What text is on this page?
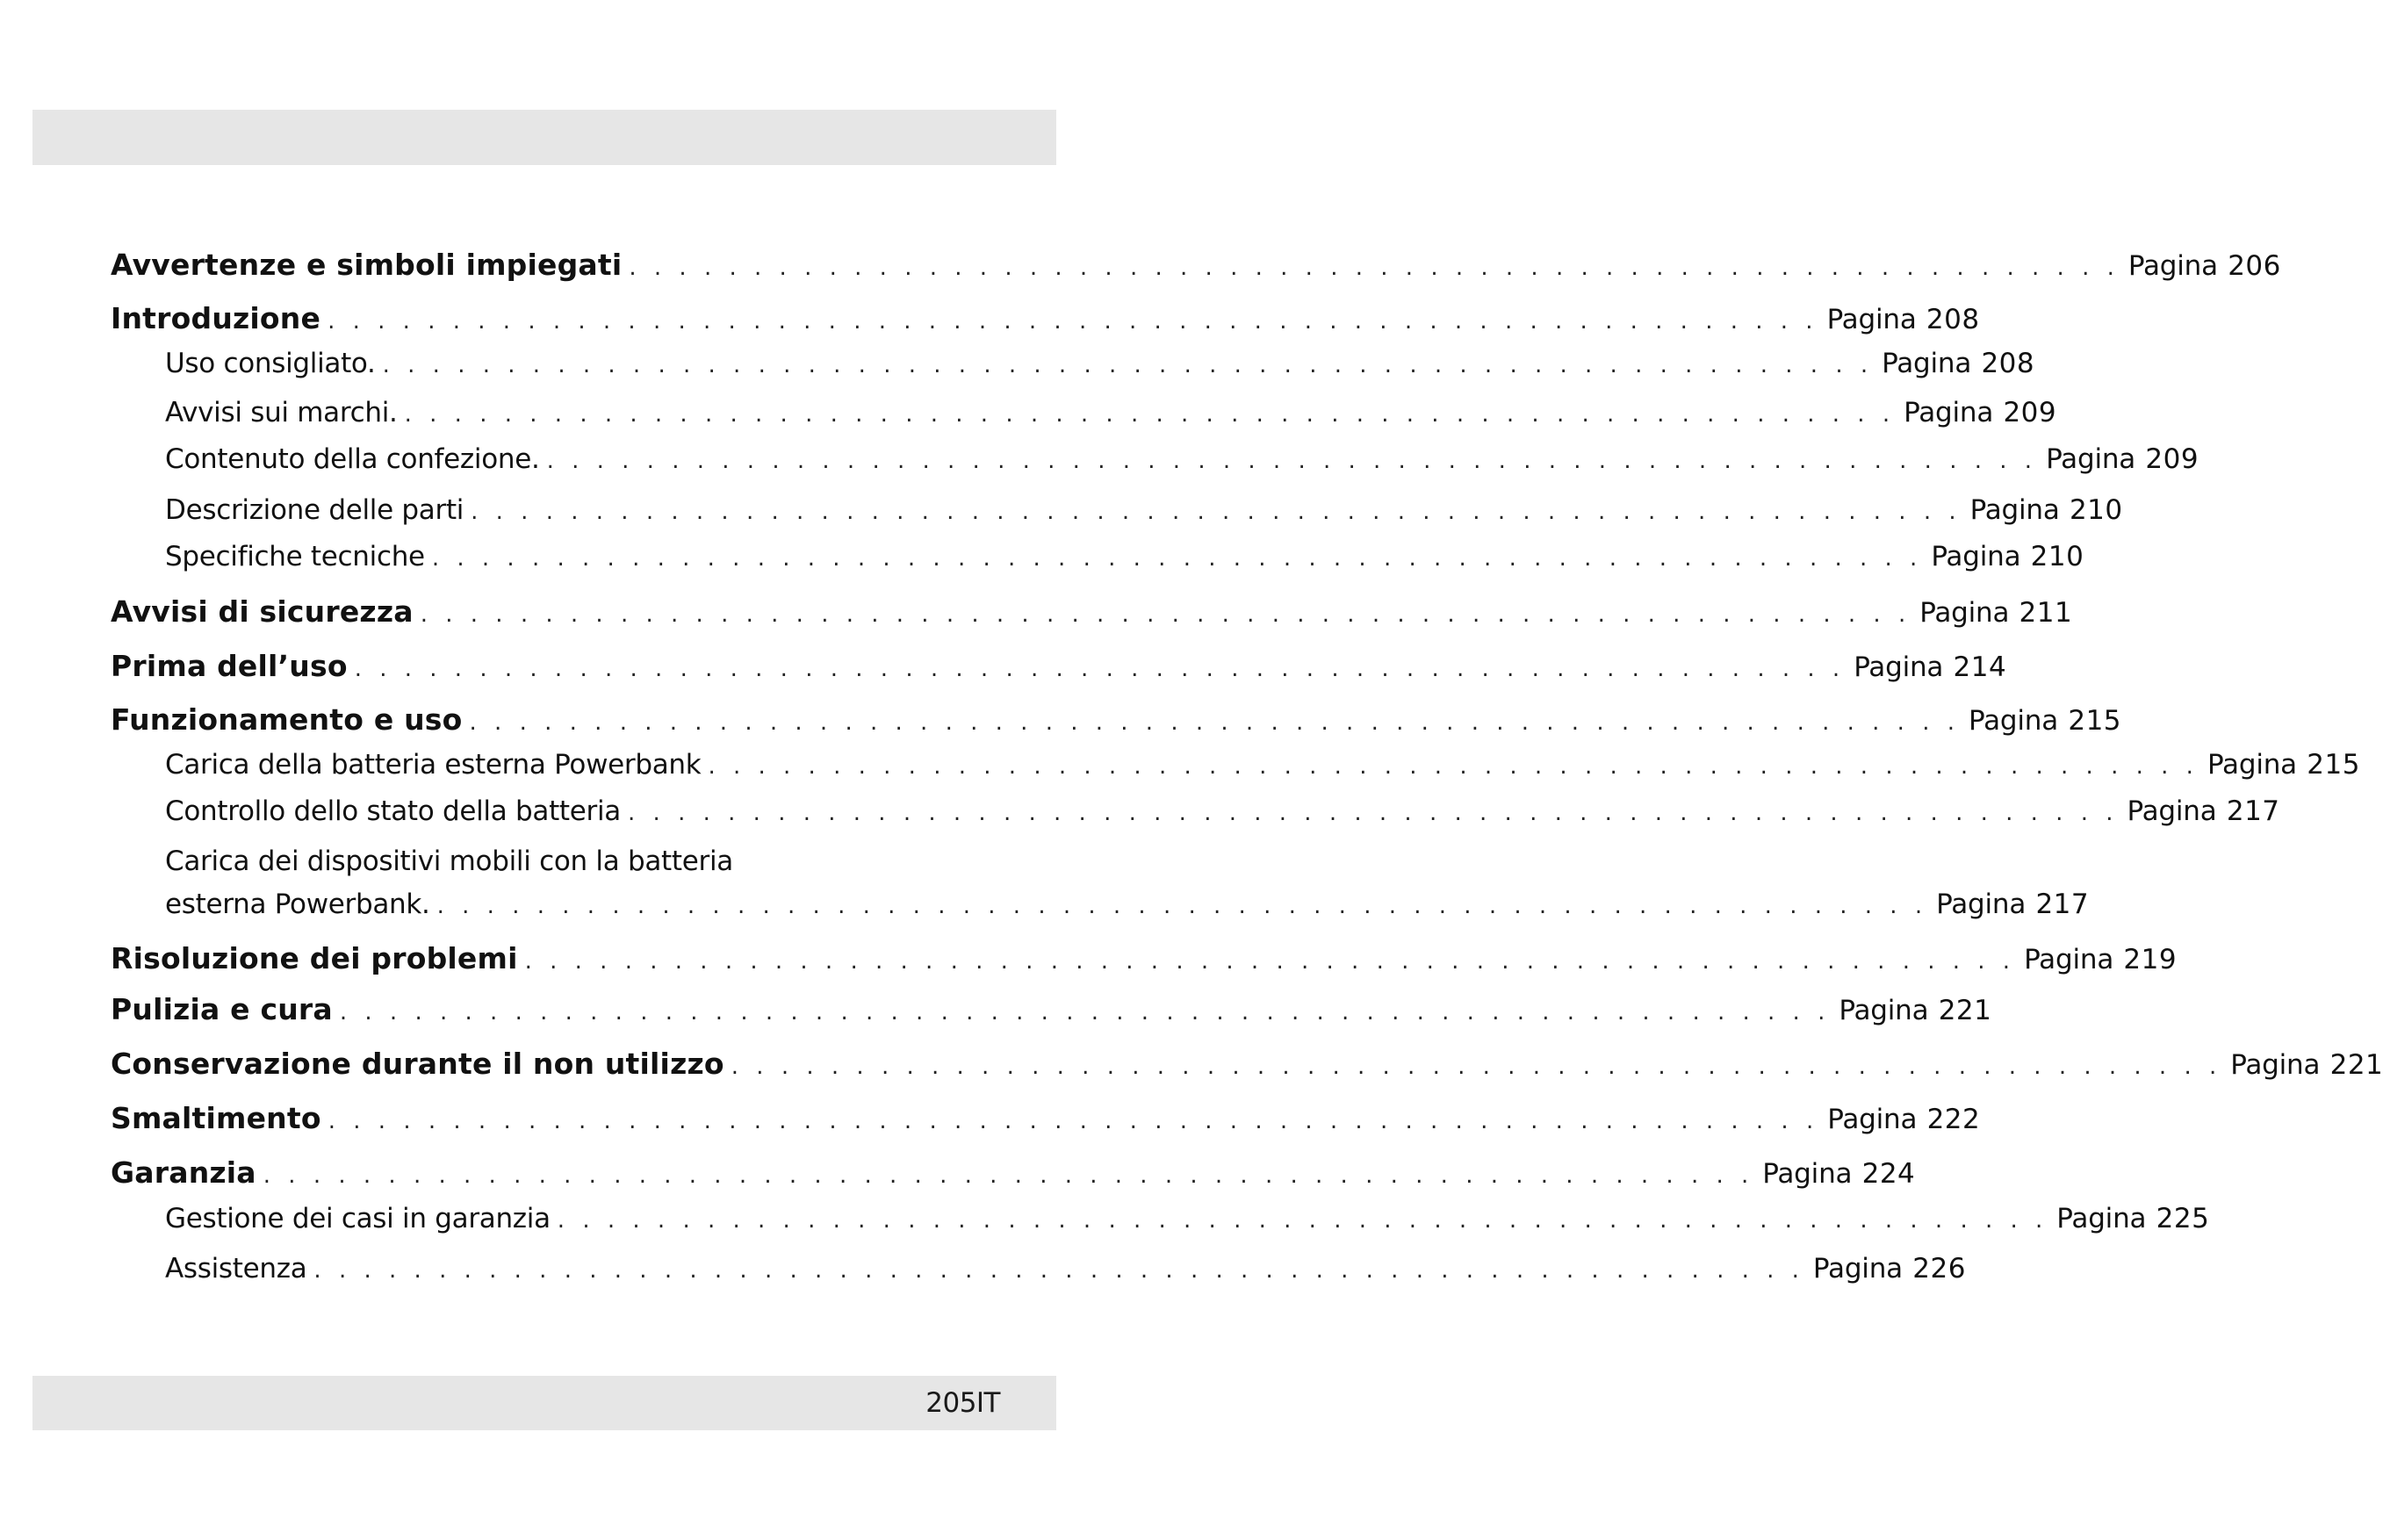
Avvertenze e simboli impiegati . . . . . . . . . . . . . . . . . . . . . . . . . . . . . . . . . . . . . . . . . . . . . . . . . . . . . . . . . . . . Pagina 206
Introduzione . . . . . . . . . . . . . . . . . . . . . . . . . . . . . . . . . . . . . . . . . . . . . . . . . . . . . . . . . . . . Pagina 208
Uso consigliato. . . . . . . . . . . . . . . . . . . . . . . . . . . . . . . . . . . . . . . . . . . . . . . . . . . . . . . . . . . . . Pagina 208
Avvisi sui marchi. . . . . . . . . . . . . . . . . . . . . . . . . . . . . . . . . . . . . . . . . . . . . . . . . . . . . . . . . . . . . Pagina 209
Contenuto della confezione. . . . . . . . . . . . . . . . . . . . . . . . . . . . . . . . . . . . . . . . . . . . . . . . . . . . . . . . . . . . . Pagina 209
Descrizione delle parti . . . . . . . . . . . . . . . . . . . . . . . . . . . . . . . . . . . . . . . . . . . . . . . . . . . . . . . . . . . . Pagina 210
Specifiche tecniche . . . . . . . . . . . . . . . . . . . . . . . . . . . . . . . . . . . . . . . . . . . . . . . . . . . . . . . . . . . . Pagina 210
Avvisi di sicurezza . . . . . . . . . . . . . . . . . . . . . . . . . . . . . . . . . . . . . . . . . . . . . . . . . . . . . . . . . . . . Pagina 211
Prima dell’uso . . . . . . . . . . . . . . . . . . . . . . . . . . . . . . . . . . . . . . . . . . . . . . . . . . . . . . . . . . . . Pagina 214
Funzionamento e uso . . . . . . . . . . . . . . . . . . . . . . . . . . . . . . . . . . . . . . . . . . . . . . . . . . . . . . . . . . . . Pagina 215
Carica della batteria esterna Powerbank . . . . . . . . . . . . . . . . . . . . . . . . . . . . . . . . . . . . . . . . . . . . . . . . . . . . . . . . . . . . Pagina 215
Controllo dello stato della batteria . . . . . . . . . . . . . . . . . . . . . . . . . . . . . . . . . . . . . . . . . . . . . . . . . . . . . . . . . . . . Pagina 217
Carica dei dispositivi mobili con la batteria
esterna Powerbank. . . . . . . . . . . . . . . . . . . . . . . . . . . . . . . . . . . . . . . . . . . . . . . . . . . . . . . . . . . . . Pagina 217
Risoluzione dei problemi . . . . . . . . . . . . . . . . . . . . . . . . . . . . . . . . . . . . . . . . . . . . . . . . . . . . . . . . . . . . Pagina 219
Pulizia e cura . . . . . . . . . . . . . . . . . . . . . . . . . . . . . . . . . . . . . . . . . . . . . . . . . . . . . . . . . . . . Pagina 221
Conservazione durante il non utilizzo . . . . . . . . . . . . . . . . . . . . . . . . . . . . . . . . . . . . . . . . . . . . . . . . . . . . . . . . . . . . Pagina 221
Smaltimento . . . . . . . . . . . . . . . . . . . . . . . . . . . . . . . . . . . . . . . . . . . . . . . . . . . . . . . . . . . . Pagina 222
Garanzia . . . . . . . . . . . . . . . . . . . . . . . . . . . . . . . . . . . . . . . . . . . . . . . . . . . . . . . . . . . . Pagina 224
Gestione dei casi in garanzia . . . . . . . . . . . . . . . . . . . . . . . . . . . . . . . . . . . . . . . . . . . . . . . . . . . . . . . . . . . . Pagina 225
Assistenza . . . . . . . . . . . . . . . . . . . . . . . . . . . . . . . . . . . . . . . . . . . . . . . . . . . . . . . . . . . . Pagina 226
205IT
